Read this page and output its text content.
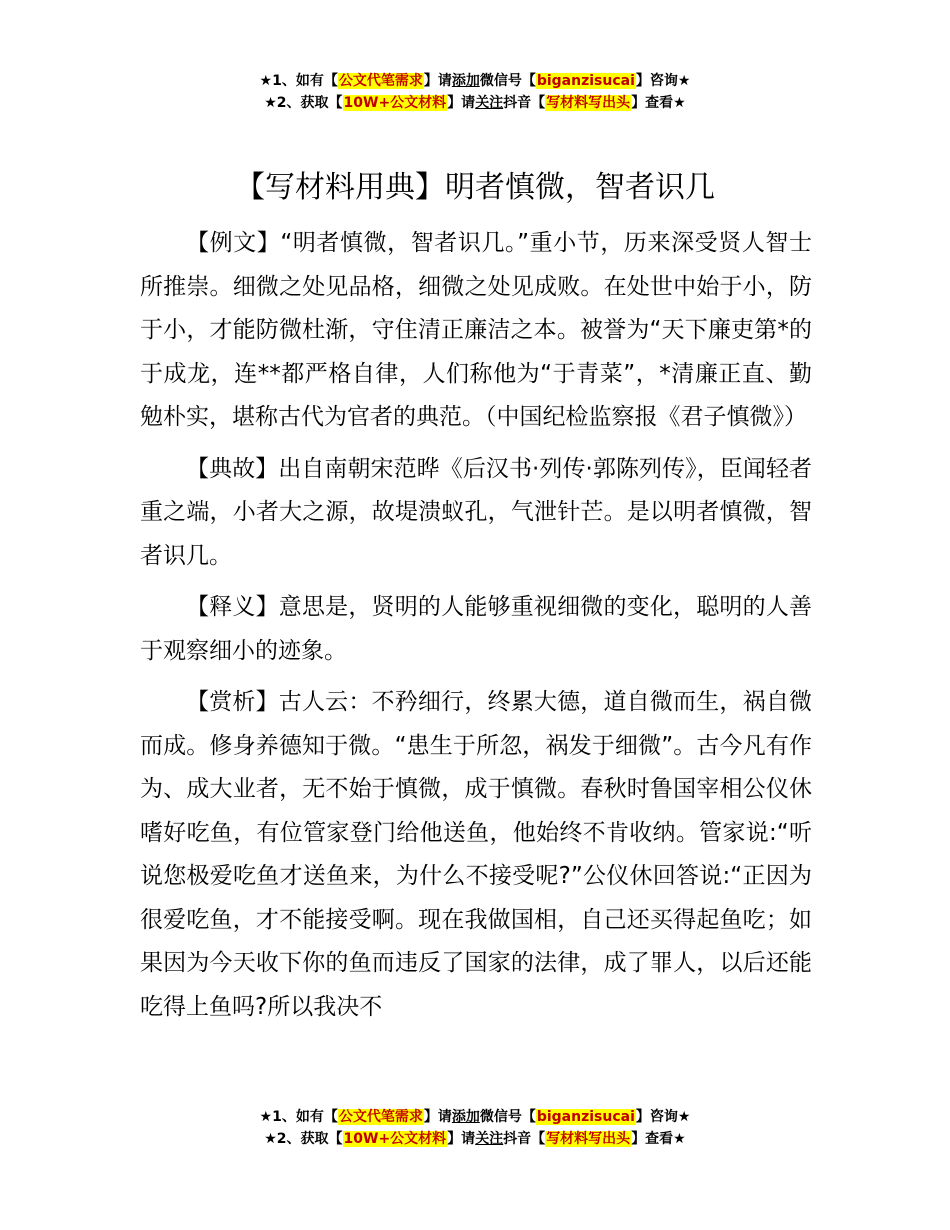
★1、如有【公文代笔需求】请添加微信号【biganzisucai】咨询★
★2、获取【10W+公文材料】请关注抖音【写材料写出头】查看★
【写材料用典】明者慎微，智者识几

【例文】“明者慎微，智者识几。”重小节，历来深受贤人智士所推崇。细微之处见品格，细微之处见成败。在处世中始于小，防于小，才能防微杜渐，守住清正廉洁之本。被誉为“天下廉吏第*的于成龙，连**都严格自律，人们称他为“于青菜”，*清廉正直、勤勉朴实，堪称古代为官者的典范。（中国纪检监察报《君子慎微》）

【典故】出自南朝宋范晔《后汉书·列传·郭陈列传》，臣闻轻者重之端，小者大之源，故堤溃蚁孔，气泄针芒。是以明者慎微，智者识几。

【释义】意思是，贤明的人能够重视细微的变化，聪明的人善于观察细小的迹象。

【赏析】古人云：不矜细行，终累大德，道自微而生，祸自微而成。修身养德知于微。“患生于所忽，祸发于细微”。古今凡有作为、成大业者，无不始于慎微，成于慎微。春秋时鲁国宰相公仪休嗜好吃鱼，有位管家登门给他送鱼，他始终不肯收纳。管家说:“听说您极爱吃鱼才送鱼来，为什么不接受呢?”公仪休回答说:“正因为很爱吃鱼，才不能接受啊。现在我做国相，自己还买得起鱼吃；如果因为今天收下你的鱼而违反了国家的法律，成了罪人，以后还能吃得上鱼吗?所以我决不

★1、如有【公文代笔需求】请添加微信号【biganzisucai】咨询★
★2、获取【10W+公文材料】请关注抖音【写材料写出头】查看★
